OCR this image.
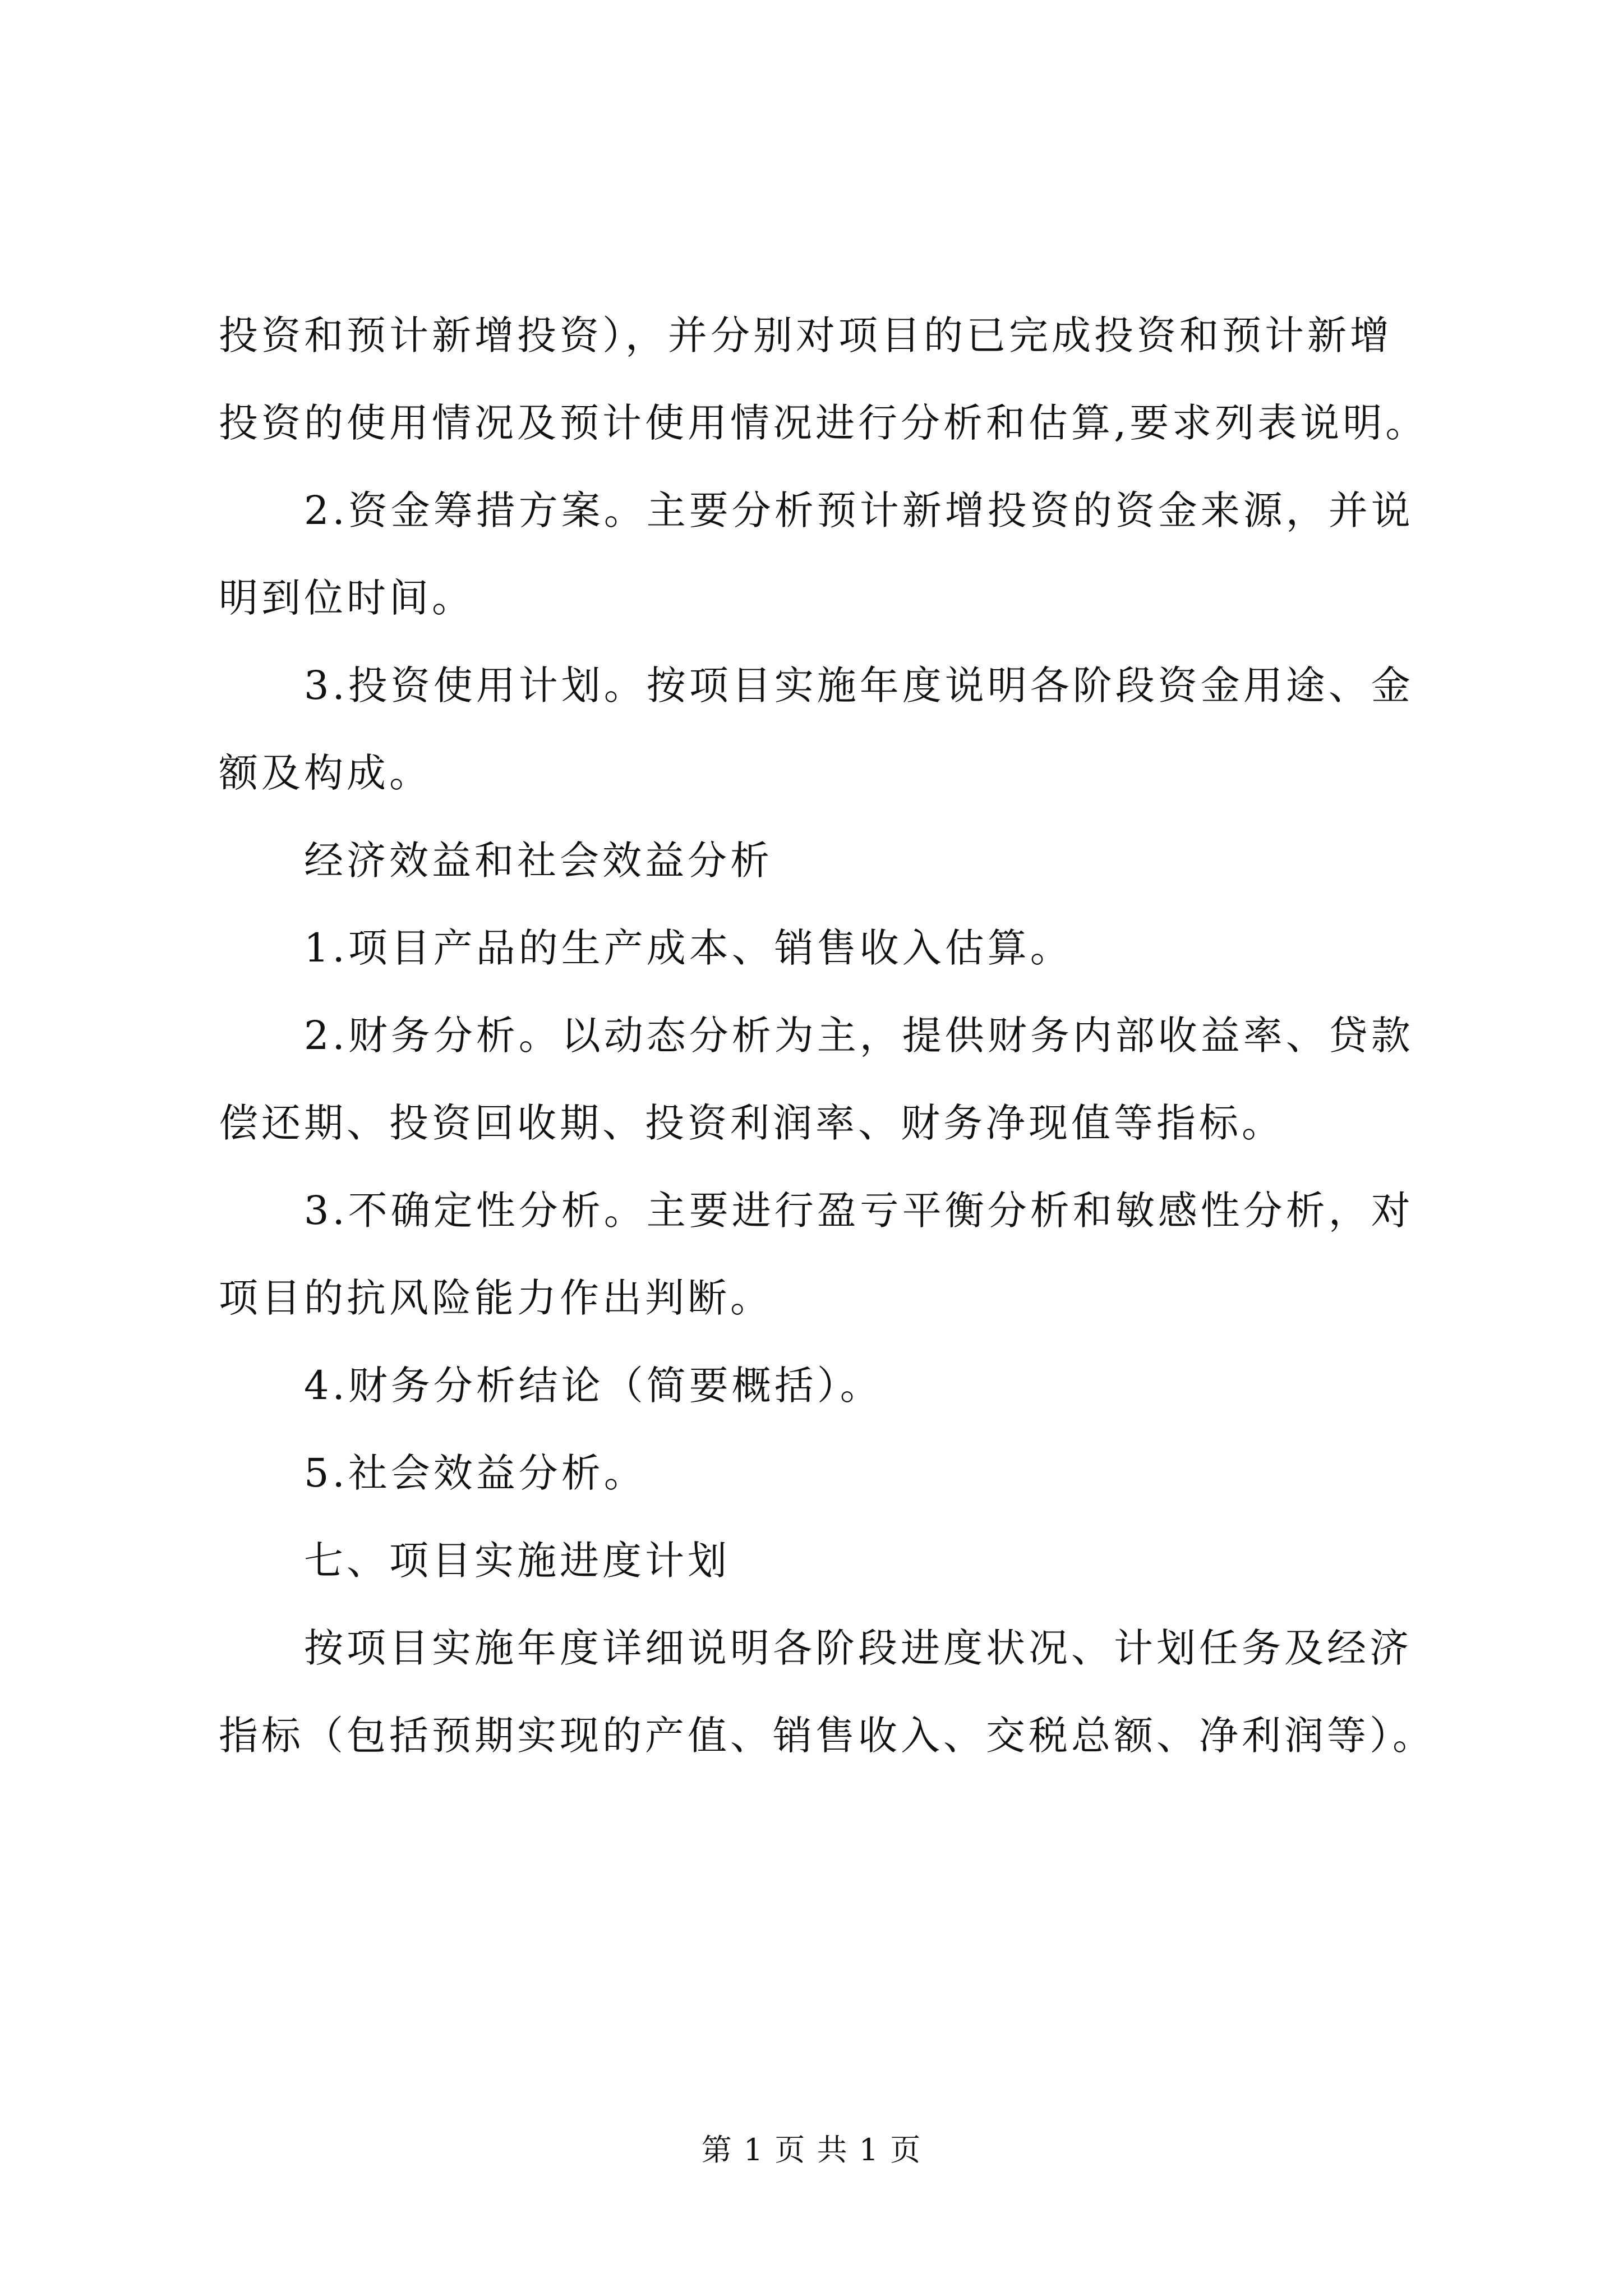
投资和预计新增投资），并分别对项目的已完成投资和预计新增
投资的使用情况及预计使用情况进行分析和估算,要求列表说明。
2.资金筹措方案。主要分析预计新增投资的资金来源，并说
明到位时间。
3.投资使用计划。按项目实施年度说明各阶段资金用途、金
额及构成。
经济效益和社会效益分析
1.项目产品的生产成本、销售收入估算。
2.财务分析。以动态分析为主，提供财务内部收益率、贷款
偿还期、投资回收期、投资利润率、财务净现值等指标。
3.不确定性分析。主要进行盈亏平衡分析和敏感性分析，对
项目的抗风险能力作出判断。
4.财务分析结论（简要概括）。
5.社会效益分析。
七、项目实施进度计划
按项目实施年度详细说明各阶段进度状况、计划任务及经济
指标（包括预期实现的产值、销售收入、交税总额、净利润等）。
第 1 页 共 1 页
